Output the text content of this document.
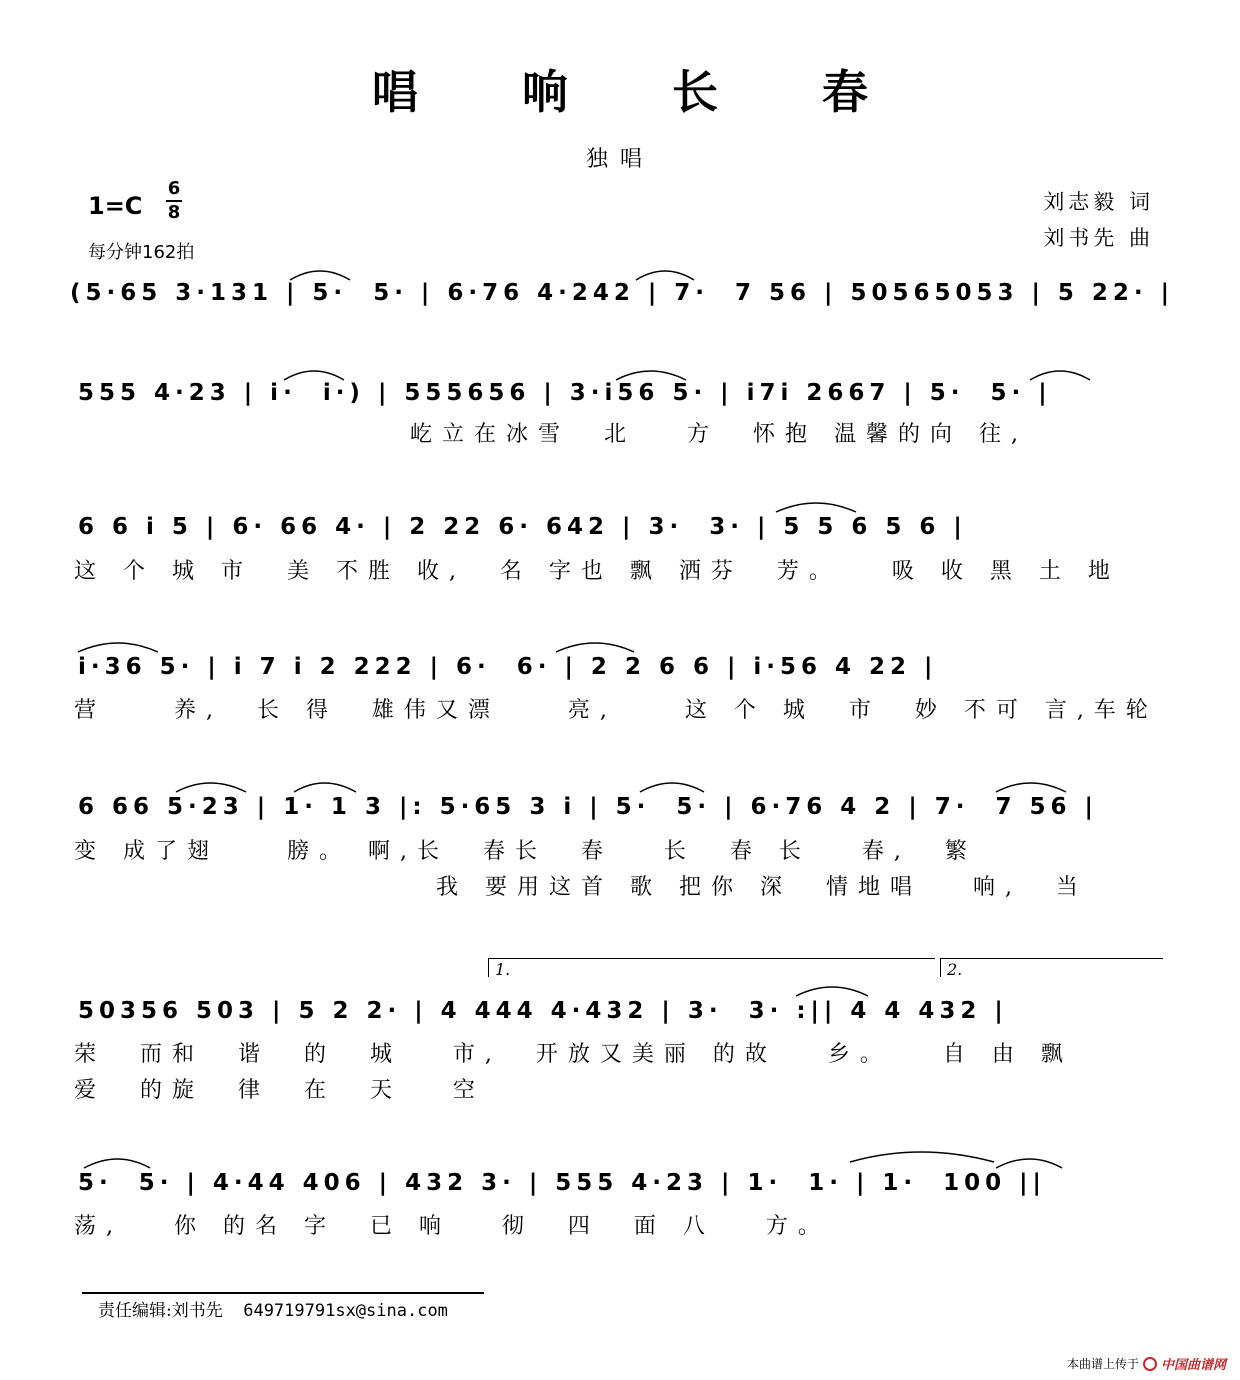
唱 响 长 春
独唱
1=C
6
8
每分钟162拍
刘志毅 词
刘书先 曲
(5·65 3·131 | 5·  5· | 6·76 4·242 | 7·  7 56 | 50565053 | 5 22· |
555 4·23 | i·  i·) | 555656 | 3·i56 5· | i7i 2667 | 5·  5· |
屹立在冰雪  北   方  怀抱 温馨的向 往,
6 6 i 5 | 6· 66 4· | 2 22 6· 642 | 3·  3· | 5 5 6 5 6 |
这 个 城 市  美 不胜 收,  名 字也 飘 洒芬  芳。   吸 收 黑 土 地
i·36 5· | i 7 i 2 222 | 6·  6· | 2 2 6 6 | i·56 4 22 |
营    养,  长 得  雄伟又漂    亮,    这 个 城  市  妙 不可 言,车轮
6 66 5·23 | 1· 1 3 |: 5·65 3 i | 5·  5· | 6·76 4 2 | 7·  7 56 |
变 成了翅    膀。 啊,长  春长  春   长  春 长   春,  繁
我 要用这首 歌 把你 深  情地唱   响,  当
1.	2.
50356 503 | 5 2 2· | 4 444 4·432 | 3·  3· :|| 4 4 432 |
荣  而和  谐  的  城   市,  开放又美丽 的故   乡。   自 由 飘
爱  的旋  律  在  天   空
5·  5· | 4·44 406 | 432 3· | 555 4·23 | 1·  1· | 1·  100 ||
荡,   你 的名 字  已 响   彻  四  面 八   方。
责任编辑:刘书先 649719791sx@sina.com
本曲谱上传于 中国曲谱网
